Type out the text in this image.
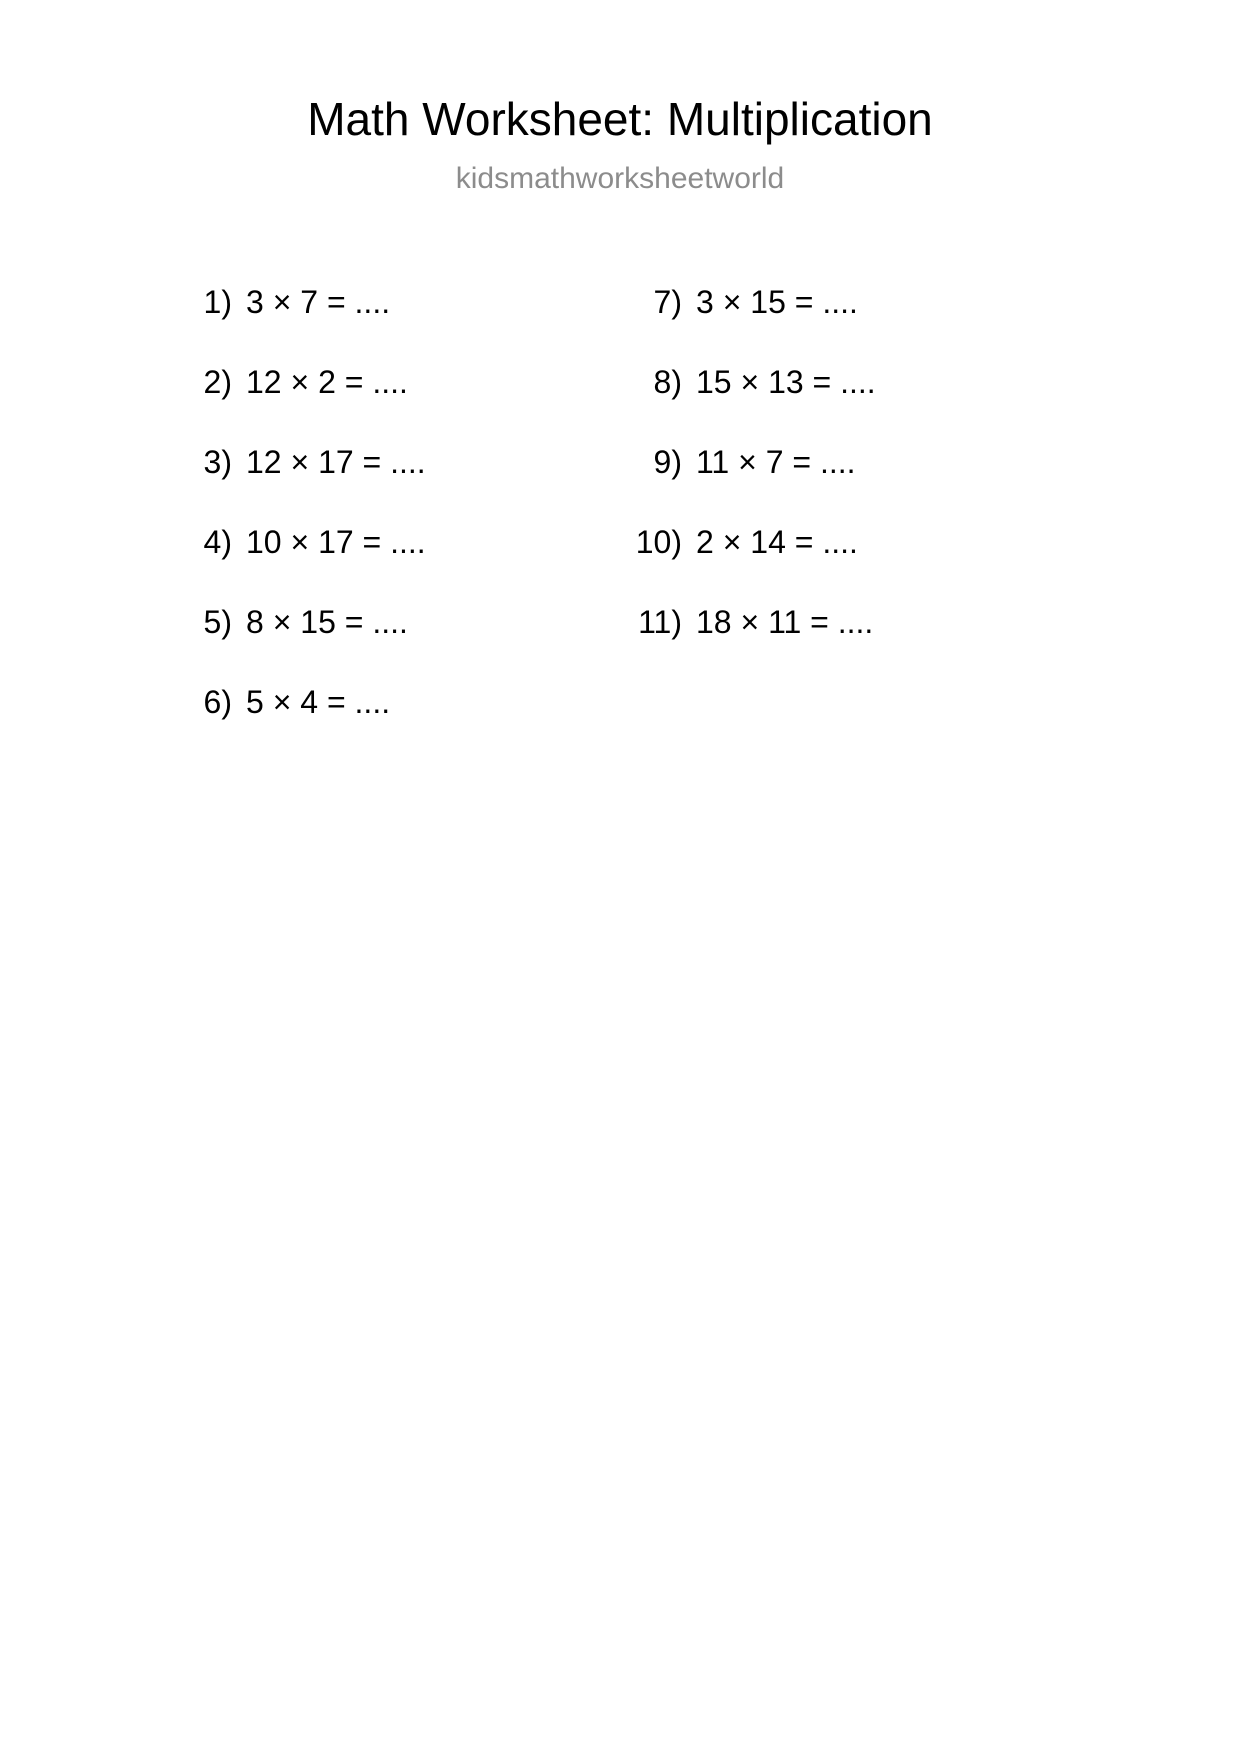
Math Worksheet: Multiplication
kidsmathworksheetworld
1) 3 × 7 = ....
2) 12 × 2 = ....
3) 12 × 17 = ....
4) 10 × 17 = ....
5) 8 × 15 = ....
6) 5 × 4 = ....
7) 3 × 15 = ....
8) 15 × 13 = ....
9) 11 × 7 = ....
10) 2 × 14 = ....
11) 18 × 11 = ....
